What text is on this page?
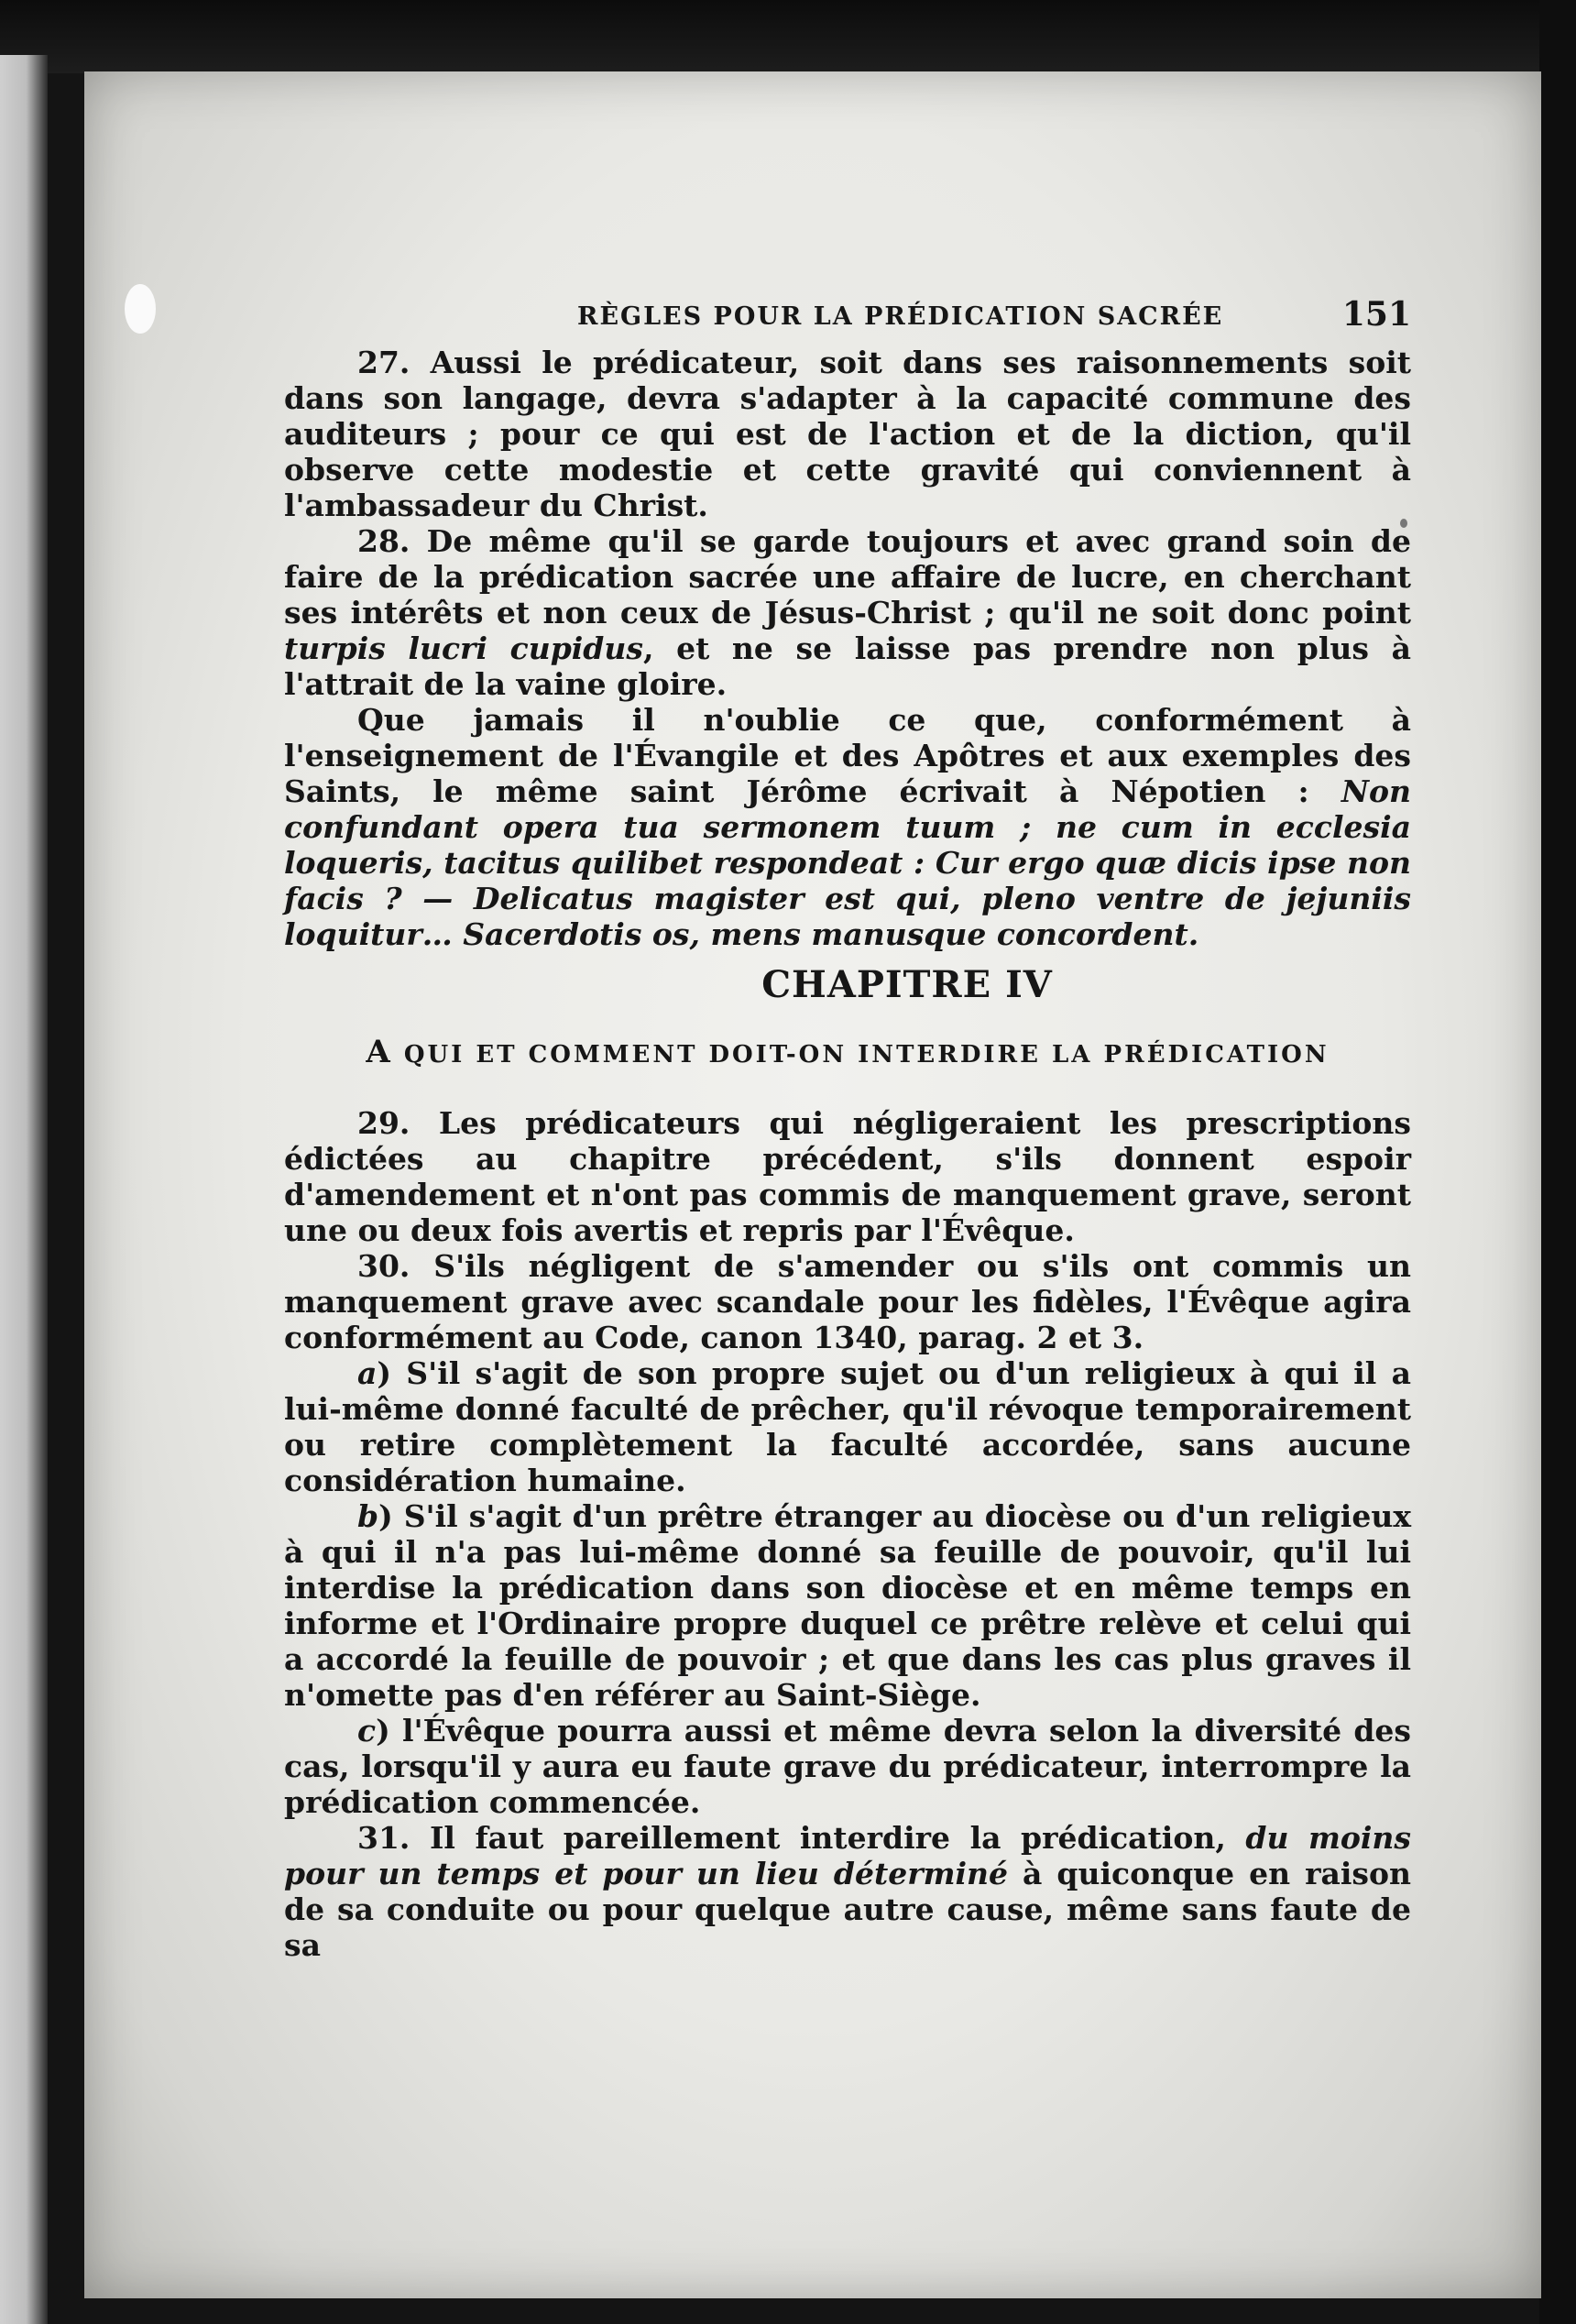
RÈGLES POUR LA PRÉDICATION SACRÉE	151

27. Aussi le prédicateur, soit dans ses raisonnements soit dans son langage, devra s'adapter à la capacité commune des auditeurs ; pour ce qui est de l'action et de la diction, qu'il observe cette modestie et cette gravité qui conviennent à l'ambassadeur du Christ.

28. De même qu'il se garde toujours et avec grand soin de faire de la prédication sacrée une affaire de lucre, en cherchant ses intérêts et non ceux de Jésus-Christ ; qu'il ne soit donc point turpis lucri cupidus, et ne se laisse pas prendre non plus à l'attrait de la vaine gloire.

Que jamais il n'oublie ce que, conformément à l'enseignement de l'Évangile et des Apôtres et aux exemples des Saints, le même saint Jérôme écrivait à Népotien : Non confundant opera tua sermonem tuum ; ne cum in ecclesia loqueris, tacitus quilibet respondeat : Cur ergo quæ dicis ipse non facis ? — Delicatus magister est qui, pleno ventre de jejuniis loquitur… Sacerdotis os, mens manusque concordent.

CHAPITRE IV
A QUI ET COMMENT DOIT-ON INTERDIRE LA PRÉDICATION

29. Les prédicateurs qui négligeraient les prescriptions édictées au chapitre précédent, s'ils donnent espoir d'amendement et n'ont pas commis de manquement grave, seront une ou deux fois avertis et repris par l'Évêque.

30. S'ils négligent de s'amender ou s'ils ont commis un manquement grave avec scandale pour les fidèles, l'Évêque agira conformément au Code, canon 1340, parag. 2 et 3.

a) S'il s'agit de son propre sujet ou d'un religieux à qui il a lui-même donné faculté de prêcher, qu'il révoque temporairement ou retire complètement la faculté accordée, sans aucune considération humaine.

b) S'il s'agit d'un prêtre étranger au diocèse ou d'un religieux à qui il n'a pas lui-même donné sa feuille de pouvoir, qu'il lui interdise la prédication dans son diocèse et en même temps en informe et l'Ordinaire propre duquel ce prêtre relève et celui qui a accordé la feuille de pouvoir ; et que dans les cas plus graves il n'omette pas d'en référer au Saint-Siège.

c) l'Évêque pourra aussi et même devra selon la diversité des cas, lorsqu'il y aura eu faute grave du prédicateur, interrompre la prédication commencée.

31. Il faut pareillement interdire la prédication, du moins pour un temps et pour un lieu déterminé à quiconque en raison de sa conduite ou pour quelque autre cause, même sans faute de sa
